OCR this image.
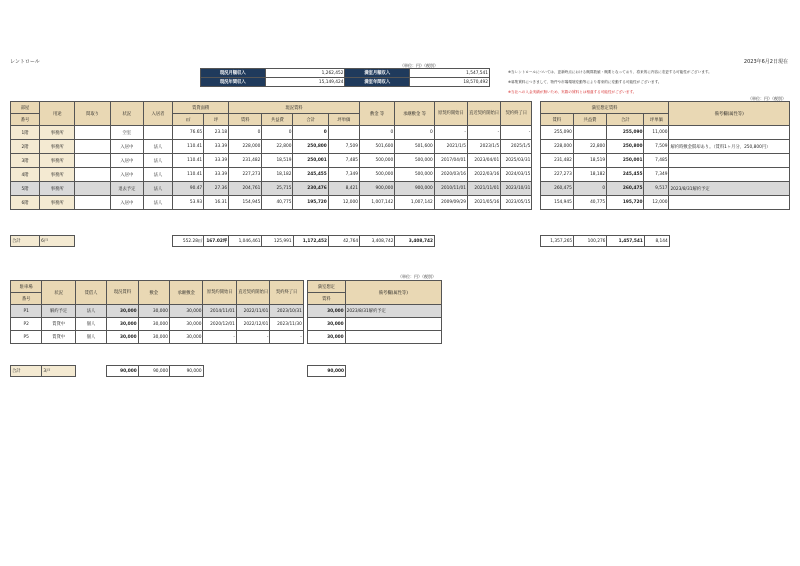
レントロール	2023年6月2日現在
（単位：円）（税別）
現況月額収入	1,262,452	満室月額収入	1,547,541
現況年間収入	15,149,424	満室年間収入	18,570,492
※当レントロールについては、更新時点における概算数値・概要となっており、将来的に内容に変更する可能性がございます。
※募集賃料につきまして、物件や市場環境変動等により将来的に変動する可能性がございます。
※当社への入金実績が無いため、実際の賃料とは相違する可能性がございます。
（単位：円）（税別）
部屋	用途	間取り	状況	入居者	賃貸面積		現況賃料				敷金 等	承継敷金 等	原契約開始日	直近契約開始日	契約終了日		満室想定賃料				備考欄(属性等)
番号					㎡	坪	賃料	共益費	合計	坪単価							賃料	共益費	合計	坪単価	
1階	事務所		空室		76.65	23.18	0	0	0		0	0	-	-	-		255,090		255,090	11,000	
2階	事務所		入居中	法人	110.41	33.39	228,000	22,800	250,800	7,509	501,600	501,600	2021/1/5	2023/1/5	2025/1/5		228,000	22,800	250,800	7,509	解約時敷金償却あり。（賃料1ヶ月分、250,800円）
3階	事務所		入居中	法人	110.41	33.39	231,482	18,519	250,001	7,485	500,000	500,000	2017/04/01	2023/04/01	2025/03/31		231,482	18,519	250,001	7,485	
4階	事務所		入居中	法人	110.41	33.39	227,273	18,182	245,455	7,349	500,000	500,000	2020/03/16	2022/03/16	2024/03/15		227,273	18,182	245,455	7,349	
5階	事務所		退去予定	法人	90.47	27.36	204,761	25,715	230,476	8,421	900,000	900,000	2010/11/01	2021/11/01	2023/10/31		260,475	0	260,475	9,517	2023/8/31解約予定
6階	事務所		入居中	法人	53.93	16.31	154,945	40,775	195,720	12,000	1,007,142	1,007,142	2009/09/29	2021/05/16	2023/05/15		154,945	40,775	195,720	12,000	
合計	6戸				552.28㎡	167.02坪	1,046,461	125,991	1,172,452	42,764	3,408,742	3,408,742					1,357,265	100,276	1,457,541	8,144	
（単位：円）（税別）
駐車場	状況	賃借人	現況賃料	敷金	承継敷金	原契約開始日	直近契約開始日	契約終了日		満室想定	備考欄(属性等)
番号										賃料	
P1	解約予定	法人	30,000	30,000	30,000	2014/11/01	2022/11/01	2023/10/31		30,000	2023/8/31解約予定
P2	賃貸中	個人	30,000	30,000	30,000	2020/12/01	2022/12/01	2023/11/30		30,000	
P5	賃貸中	個人	30,000	30,000	30,000	-	-	-		30,000	
合計	3戸		90,000	90,000	90,000					90,000	
